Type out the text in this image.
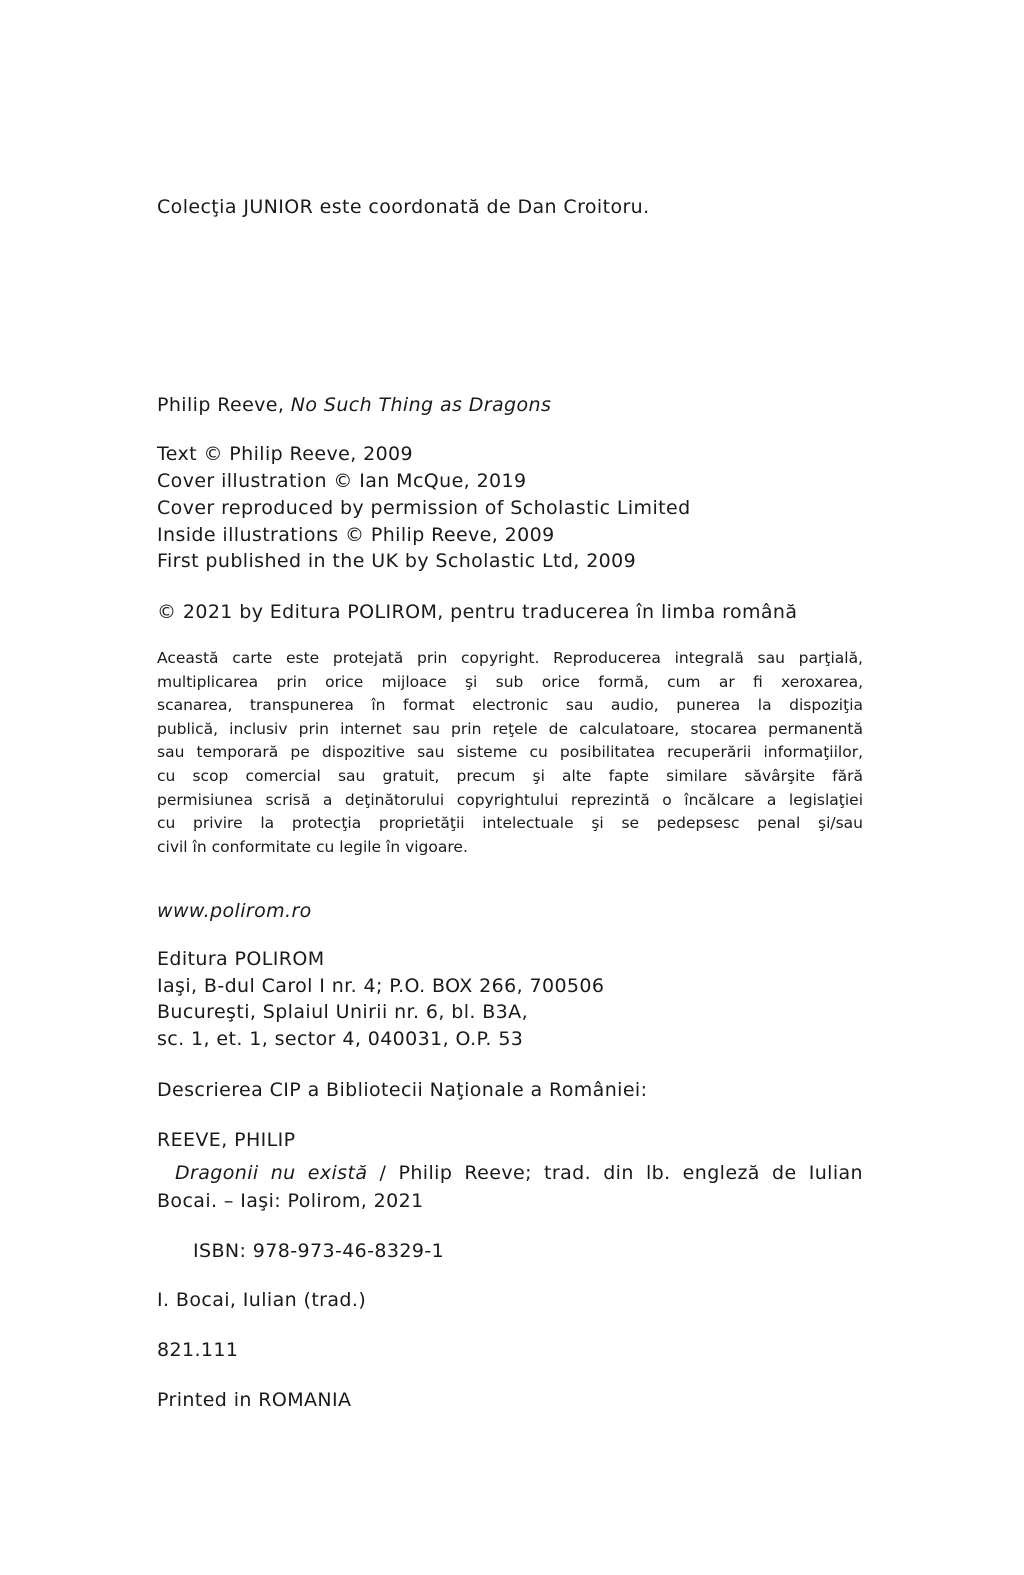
Colecţia JUNIOR este coordonată de Dan Croitoru.

Philip Reeve, No Such Thing as Dragons

Text © Philip Reeve, 2009

Cover illustration © Ian McQue, 2019

Cover reproduced by permission of Scholastic Limited

Inside illustrations © Philip Reeve, 2009

First published in the UK by Scholastic Ltd, 2009

© 2021 by Editura POLIROM, pentru traducerea în limba română

Această carte este protejată prin copyright. Reproducerea integrală sau parţială,
multiplicarea prin orice mijloace şi sub orice formă, cum ar fi xeroxarea,
scanarea, transpunerea în format electronic sau audio, punerea la dispoziţia
publică, inclusiv prin internet sau prin reţele de calculatoare, stocarea permanentă
sau temporară pe dispozitive sau sisteme cu posibilitatea recuperării informaţiilor,
cu scop comercial sau gratuit, precum şi alte fapte similare săvârşite fără
permisiunea scrisă a deţinătorului copyrightului reprezintă o încălcare a legislaţiei
cu privire la protecţia proprietăţii intelectuale şi se pedepsesc penal şi/sau
civil în conformitate cu legile în vigoare.

www.polirom.ro

Editura POLIROM

Iaşi, B-dul Carol I nr. 4; P.O. BOX 266, 700506

Bucureşti, Splaiul Unirii nr. 6, bl. B3A,

sc. 1, et. 1, sector 4, 040031, O.P. 53

Descrierea CIP a Bibliotecii Naţionale a României:

REEVE, PHILIP

Dragonii nu există / Philip Reeve; trad. din lb. engleză de Iulian
Bocai. – Iaşi: Polirom, 2021

ISBN: 978-973-46-8329-1

I. Bocai, Iulian (trad.)

821.111

Printed in ROMANIA
